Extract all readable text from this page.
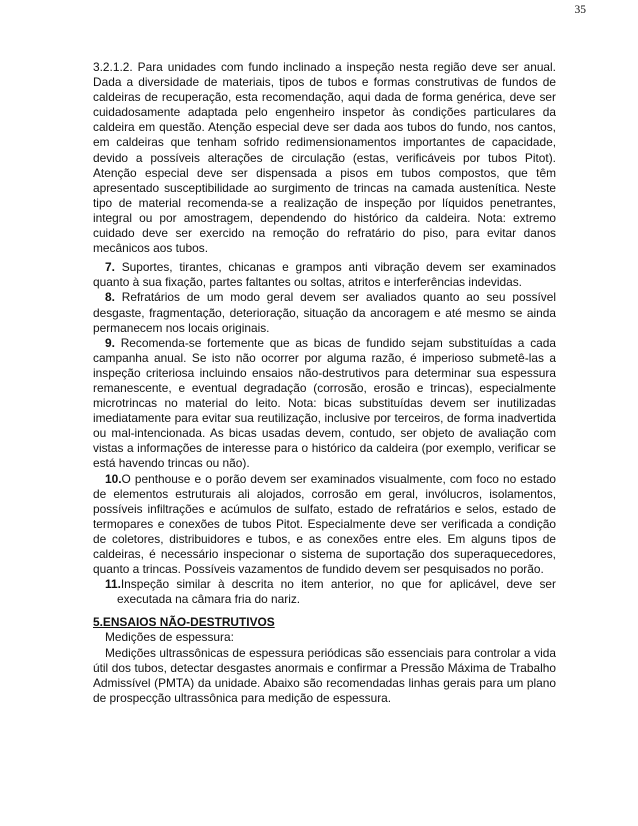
35

3.2.1.2. Para unidades com fundo inclinado a inspeção nesta região deve ser anual. Dada a diversidade de materiais, tipos de tubos e formas construtivas de fundos de caldeiras de recuperação, esta recomendação, aqui dada de forma genérica, deve ser cuidadosamente adaptada pelo engenheiro inspetor às condições particulares da caldeira em questão. Atenção especial deve ser dada aos tubos do fundo, nos cantos, em caldeiras que tenham sofrido redimensionamentos importantes de capacidade, devido a possíveis alterações de circulação (estas, verificáveis por tubos Pitot). Atenção especial deve ser dispensada a pisos em tubos compostos, que têm apresentado susceptibilidade ao surgimento de trincas na camada austenítica. Neste tipo de material recomenda-se a realização de inspeção por líquidos penetrantes, integral ou por amostragem, dependendo do histórico da caldeira. Nota: extremo cuidado deve ser exercido na remoção do refratário do piso, para evitar danos mecânicos aos tubos.

7. Suportes, tirantes, chicanas e grampos anti vibração devem ser examinados quanto à sua fixação, partes faltantes ou soltas, atritos e interferências indevidas.

8. Refratários de um modo geral devem ser avaliados quanto ao seu possível desgaste, fragmentação, deterioração, situação da ancoragem e até mesmo se ainda permanecem nos locais originais.

9. Recomenda-se fortemente que as bicas de fundido sejam substituídas a cada campanha anual. Se isto não ocorrer por alguma razão, é imperioso submetê-las a inspeção criteriosa incluindo ensaios não-destrutivos para determinar sua espessura remanescente, e eventual degradação (corrosão, erosão e trincas), especialmente microtrincas no material do leito. Nota: bicas substituídas devem ser inutilizadas imediatamente para evitar sua reutilização, inclusive por terceiros, de forma inadvertida ou mal-intencionada. As bicas usadas devem, contudo, ser objeto de avaliação com vistas a informações de interesse para o histórico da caldeira (por exemplo, verificar se está havendo trincas ou não).

10.O penthouse e o porão devem ser examinados visualmente, com foco no estado de elementos estruturais ali alojados, corrosão em geral, invólucros, isolamentos, possíveis infiltrações e acúmulos de sulfato, estado de refratários e selos, estado de termopares e conexões de tubos Pitot. Especialmente deve ser verificada a condição de coletores, distribuidores e tubos, e as conexões entre eles. Em alguns tipos de caldeiras, é necessário inspecionar o sistema de suportação dos superaquecedores, quanto a trincas. Possíveis vazamentos de fundido devem ser pesquisados no porão.

11.Inspeção similar à descrita no item anterior, no que for aplicável, deve ser executada na câmara fria do nariz.

5.ENSAIOS NÃO-DESTRUTIVOS

Medições de espessura:

Medições ultrassônicas de espessura periódicas são essenciais para controlar a vida útil dos tubos, detectar desgastes anormais e confirmar a Pressão Máxima de Trabalho Admissível (PMTA) da unidade. Abaixo são recomendadas linhas gerais para um plano de prospecção ultrassônica para medição de espessura.
